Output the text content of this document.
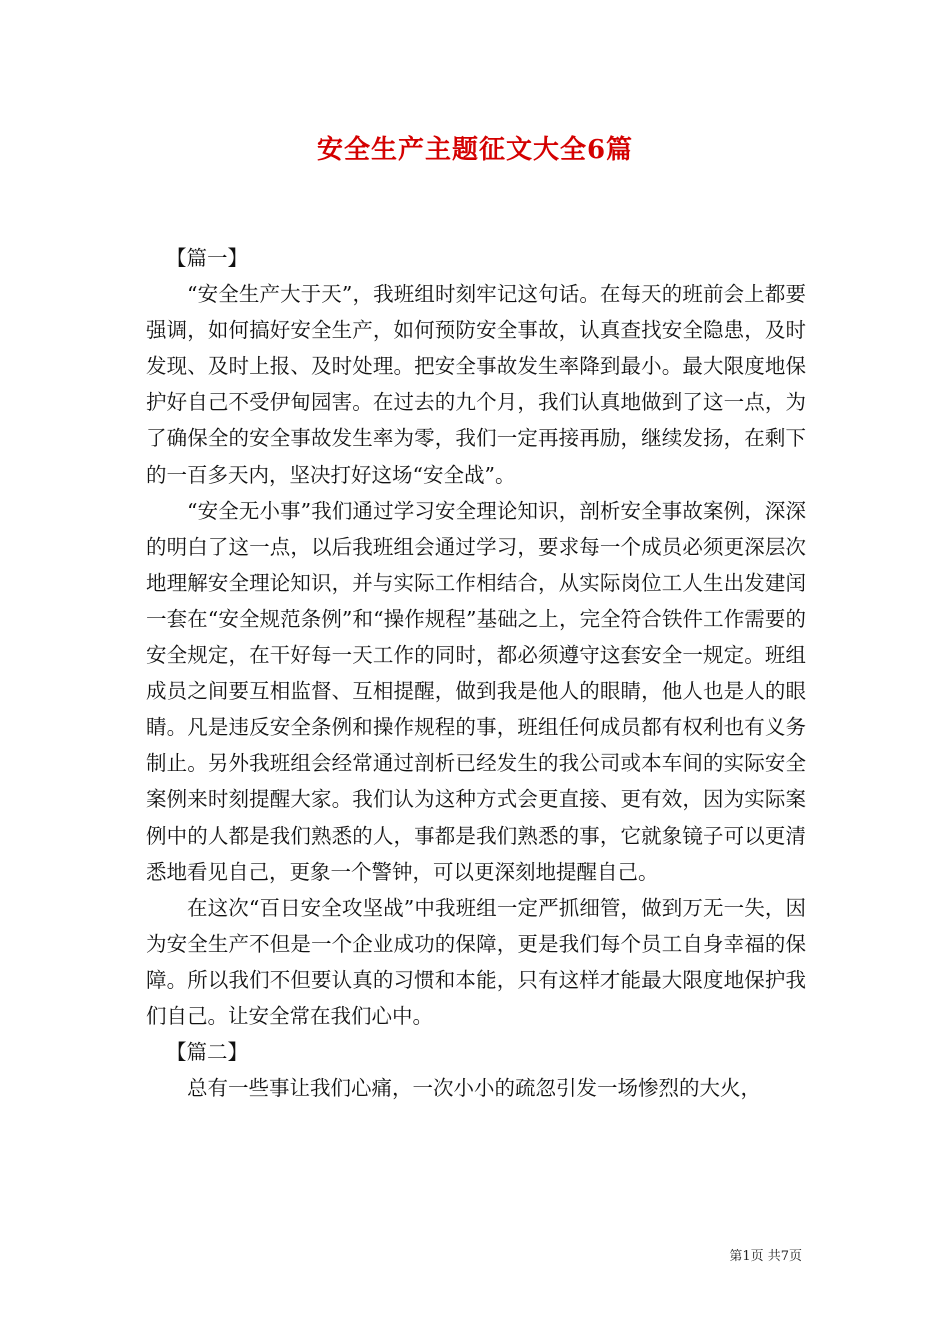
安全生产主题征文大全6篇
【篇一】

“安全生产大于天”，我班组时刻牢记这句话。在每天的班前会上都要强调，如何搞好安全生产，如何预防安全事故，认真查找安全隐患，及时发现、及时上报、及时处理。把安全事故发生率降到最小。最大限度地保护好自己不受伊甸园害。在过去的九个月，我们认真地做到了这一点，为了确保全的安全事故发生率为零，我们一定再接再励，继续发扬，在剩下的一百多天内，坚决打好这场“安全战”。

“安全无小事”我们通过学习安全理论知识，剖析安全事故案例，深深的明白了这一点，以后我班组会通过学习，要求每一个成员必须更深层次地理解安全理论知识，并与实际工作相结合，从实际岗位工人生出发建闰一套在“安全规范条例”和“操作规程”基础之上，完全符合铁件工作需要的安全规定，在干好每一天工作的同时，都必须遵守这套安全一规定。班组成员之间要互相监督、互相提醒，做到我是他人的眼睛，他人也是人的眼睛。凡是违反安全条例和操作规程的事，班组任何成员都有权利也有义务制止。另外我班组会经常通过剖析已经发生的我公司或本车间的实际安全案例来时刻提醒大家。我们认为这种方式会更直接、更有效，因为实际案例中的人都是我们熟悉的人，事都是我们熟悉的事，它就象镜子可以更清悉地看见自己，更象一个警钟，可以更深刻地提醒自己。

在这次“百日安全攻坚战”中我班组一定严抓细管，做到万无一失，因为安全生产不但是一个企业成功的保障，更是我们每个员工自身幸福的保障。所以我们不但要认真的习惯和本能，只有这样才能最大限度地保护我们自己。让安全常在我们心中。

【篇二】

总有一些事让我们心痛，一次小小的疏忽引发一场惨烈的大火，

第1页 共7页
